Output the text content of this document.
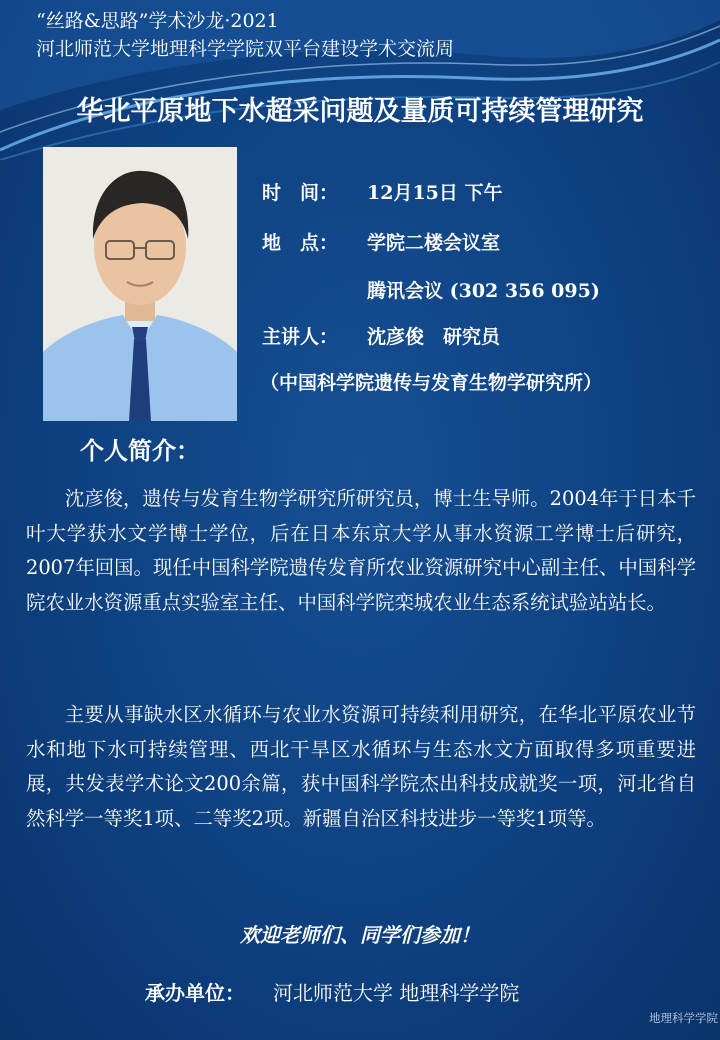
“丝路&思路”学术沙龙·2021
河北师范大学地理科学学院双平台建设学术交流周
华北平原地下水超采问题及量质可持续管理研究
时　间： 12月15日 下午
地　点： 学院二楼会议室
腾讯会议 (302 356 095)
主讲人： 沈彦俊　研究员
（中国科学院遗传与发育生物学研究所）
个人简介：
沈彦俊，遗传与发育生物学研究所研究员，博士生导师。2004年于日本千叶大学获水文学博士学位，后在日本东京大学从事水资源工学博士后研究，2007年回国。现任中国科学院遗传发育所农业资源研究中心副主任、中国科学院农业水资源重点实验室主任、中国科学院栾城农业生态系统试验站站长。
主要从事缺水区水循环与农业水资源可持续利用研究，在华北平原农业节水和地下水可持续管理、西北干旱区水循环与生态水文方面取得多项重要进展，共发表学术论文200余篇，获中国科学院杰出科技成就奖一项，河北省自然科学一等奖1项、二等奖2项。新疆自治区科技进步一等奖1项等。
欢迎老师们、同学们参加！
承办单位： 河北师范大学 地理科学学院
地理科学学院
